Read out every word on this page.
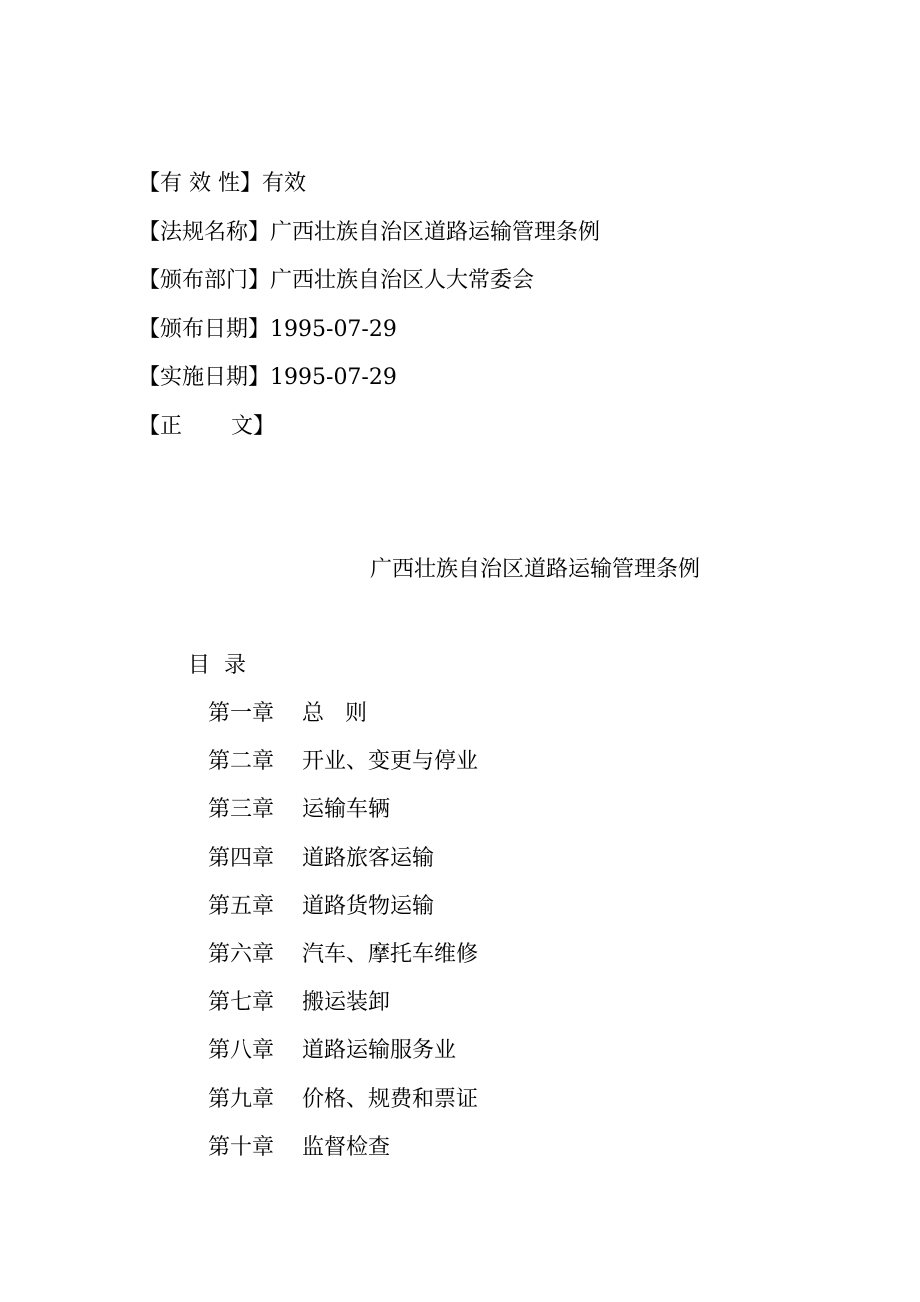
【有 效 性】有效
【法规名称】广西壮族自治区道路运输管理条例
【颁布部门】广西壮族自治区人大常委会
【颁布日期】1995-07-29
【实施日期】1995-07-29
【正       文】
广西壮族自治区道路运输管理条例
目  录
第一章 总   则
第二章 开业、变更与停业
第三章 运输车辆
第四章 道路旅客运输
第五章 道路货物运输
第六章 汽车、摩托车维修
第七章 搬运装卸
第八章 道路运输服务业
第九章 价格、规费和票证
第十章 监督检查
